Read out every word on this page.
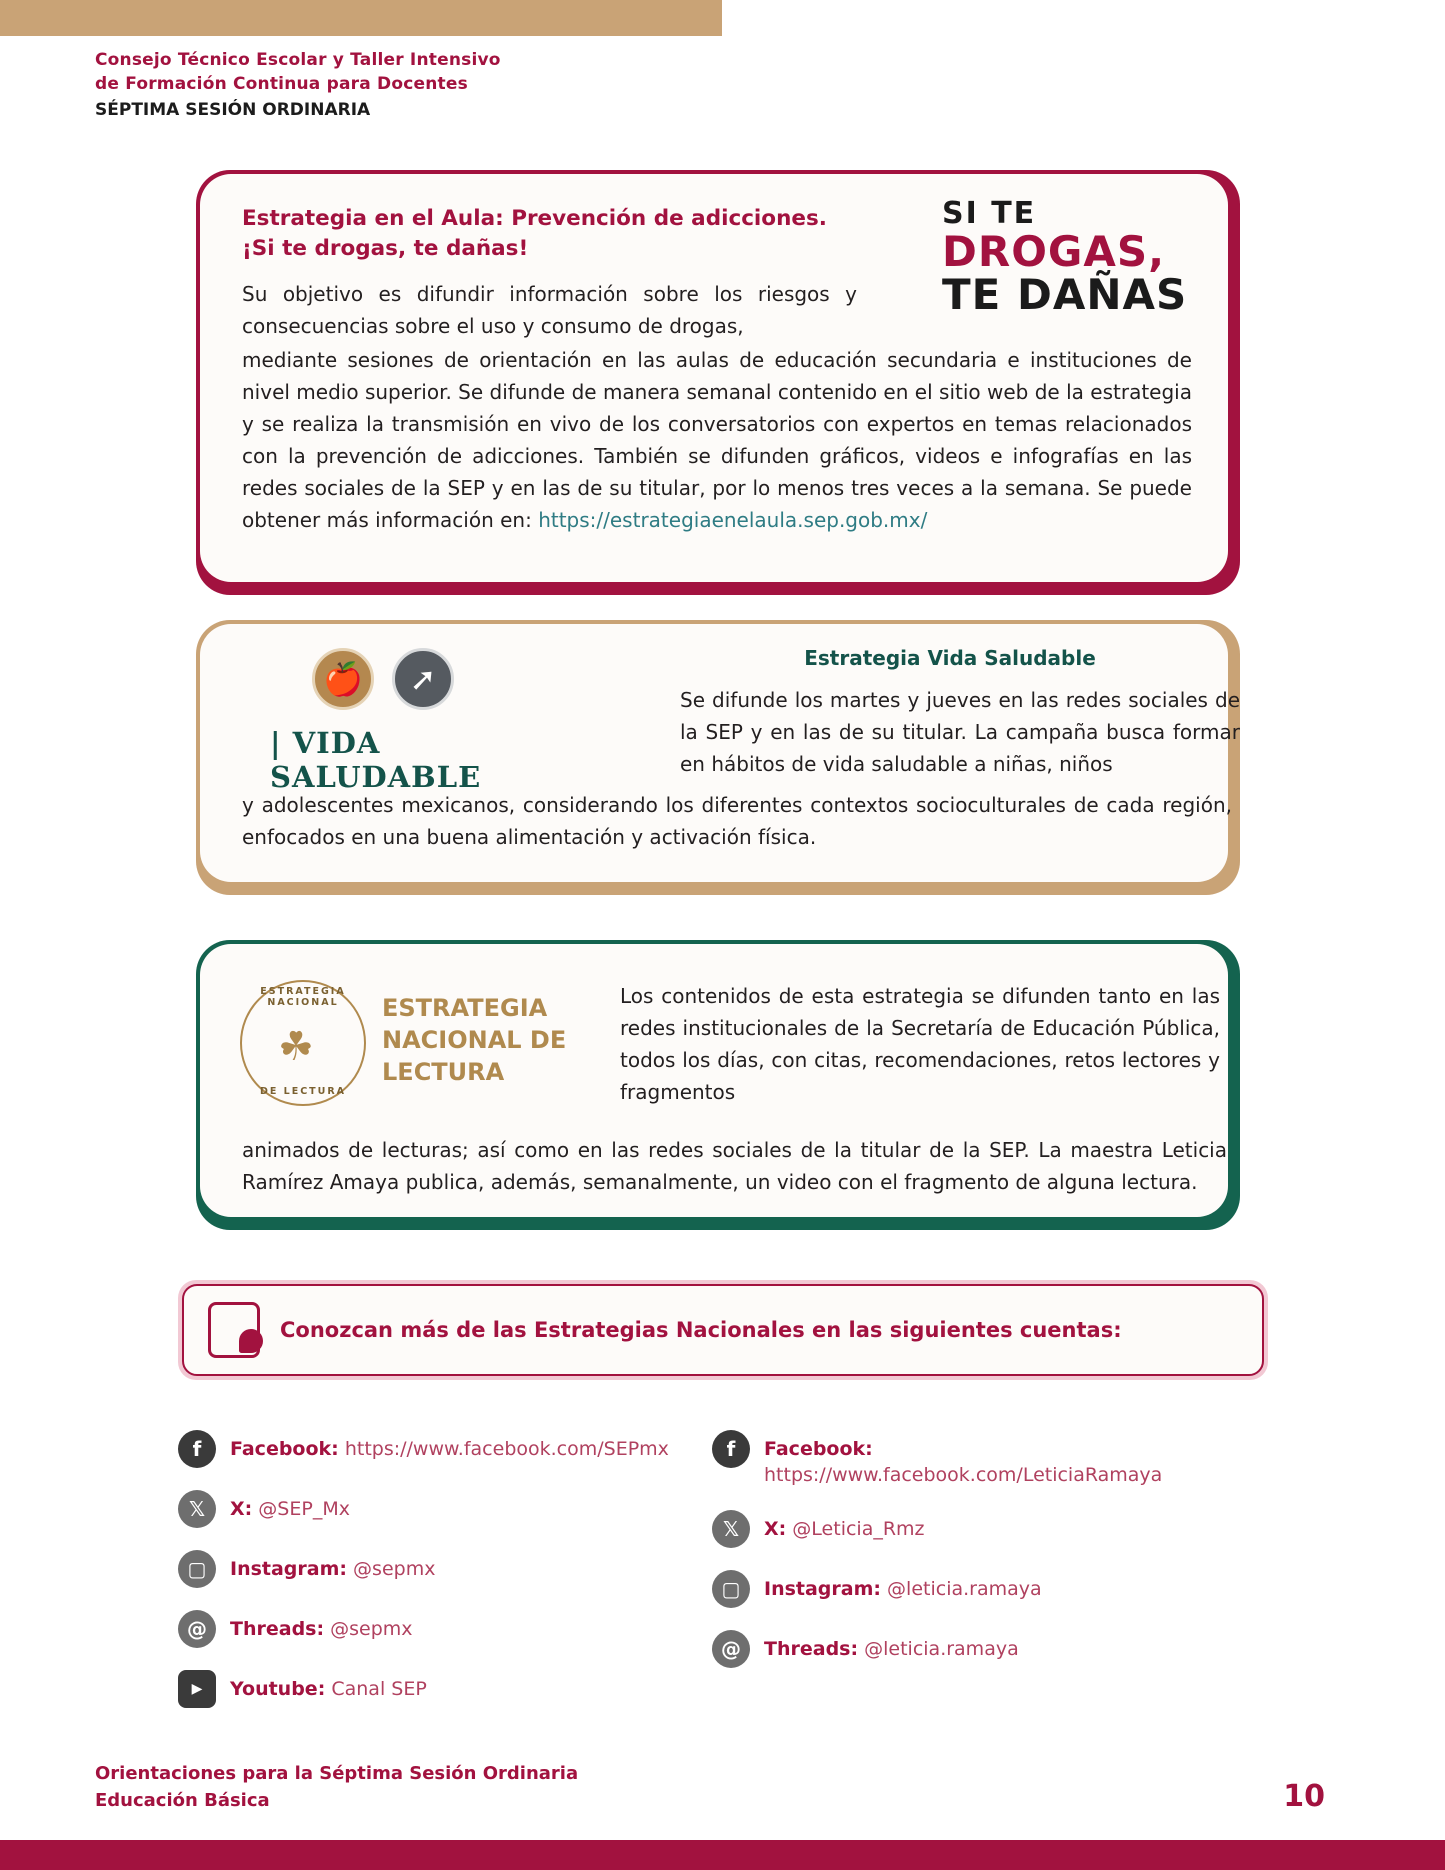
Consejo Técnico Escolar y Taller Intensivo
de Formación Continua para Docentes
SÉPTIMA SESIÓN ORDINARIA
SI TE
DROGAS,
TE DAÑAS
Estrategia en el Aula: Prevención de adicciones.
¡Si te drogas, te dañas!
Su objetivo es difundir información sobre los riesgos y consecuencias sobre el uso y consumo de drogas,
mediante sesiones de orientación en las aulas de educación secundaria e instituciones de nivel medio superior. Se difunde de manera semanal contenido en el sitio web de la estrategia y se realiza la transmisión en vivo de los conversatorios con expertos en temas relacionados con la prevención de adicciones. También se difunden gráficos, videos e infografías en las redes sociales de la SEP y en las de su titular, por lo menos tres veces a la semana. Se puede obtener más información en: https://estrategiaenelaula.sep.gob.mx/
🍎	➚
| VIDA SALUDABLE
Estrategia Vida Saludable
Se difunde los martes y jueves en las redes sociales de la SEP y en las de su titular. La campaña busca formar en hábitos de vida saludable a niñas, niños
y adolescentes mexicanos, considerando los diferentes contextos socioculturales de cada región, enfocados en una buena alimentación y activación física.
ESTRATEGIA NACIONAL
☘
DE LECTURA
ESTRATEGIA
NACIONAL DE
LECTURA
Los contenidos de esta estrategia se difunden tanto en las redes institucionales de la Secretaría de Educación Pública, todos los días, con citas, recomendaciones, retos lectores y fragmentos
animados de lecturas; así como en las redes sociales de la titular de la SEP. La maestra Leticia Ramírez Amaya publica, además, semanalmente, un video con el fragmento de alguna lectura.
Conozcan más de las Estrategias Nacionales en las siguientes cuentas:
f	Facebook: https://www.facebook.com/SEPmx
𝕏	X: @SEP_Mx
▢	Instagram: @sepmx
@	Threads: @sepmx
▶	Youtube: Canal SEP
f	Facebook: https://www.facebook.com/LeticiaRamaya
𝕏	X: @Leticia_Rmz
▢	Instagram: @leticia.ramaya
@	Threads: @leticia.ramaya
Orientaciones para la Séptima Sesión Ordinaria
Educación Básica	10
